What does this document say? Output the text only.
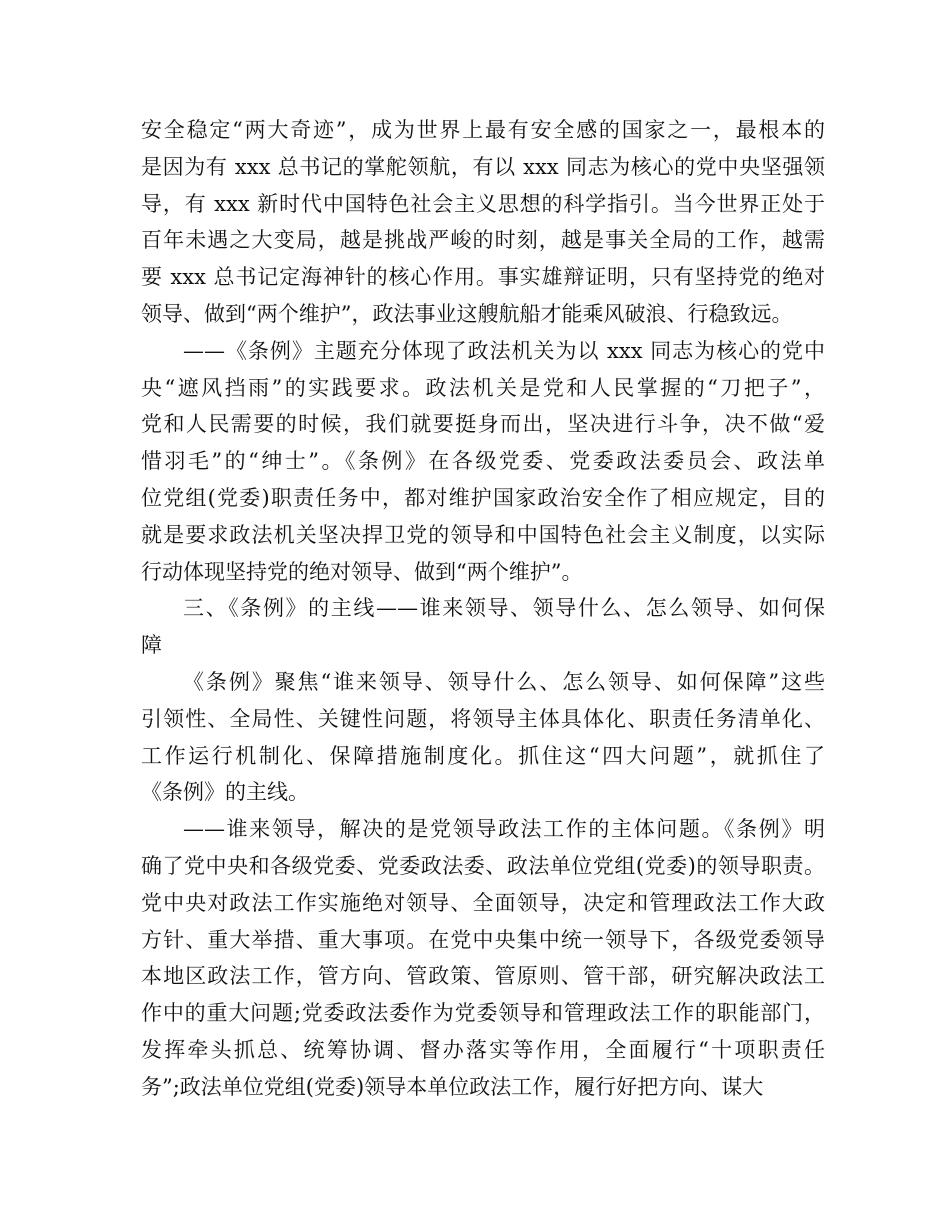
安全稳定“两大奇迹”，成为世界上最有安全感的国家之一，最根本的
是因为有 xxx 总书记的掌舵领航，有以 xxx 同志为核心的党中央坚强领
导，有 xxx 新时代中国特色社会主义思想的科学指引。当今世界正处于
百年未遇之大变局，越是挑战严峻的时刻，越是事关全局的工作，越需
要 xxx 总书记定海神针的核心作用。事实雄辩证明，只有坚持党的绝对
领导、做到“两个维护”，政法事业这艘航船才能乘风破浪、行稳致远。
——《条例》主题充分体现了政法机关为以 xxx 同志为核心的党中
央“遮风挡雨”的实践要求。政法机关是党和人民掌握的“刀把子”，
党和人民需要的时候，我们就要挺身而出，坚决进行斗争，决不做“爱
惜羽毛”的“绅士”。《条例》在各级党委、党委政法委员会、政法单
位党组(党委)职责任务中，都对维护国家政治安全作了相应规定，目的
就是要求政法机关坚决捍卫党的领导和中国特色社会主义制度，以实际
行动体现坚持党的绝对领导、做到“两个维护”。
三、《条例》的主线——谁来领导、领导什么、怎么领导、如何保
障
《条例》聚焦“谁来领导、领导什么、怎么领导、如何保障”这些
引领性、全局性、关键性问题，将领导主体具体化、职责任务清单化、
工作运行机制化、保障措施制度化。抓住这“四大问题”，就抓住了
《条例》的主线。
——谁来领导，解决的是党领导政法工作的主体问题。《条例》明
确了党中央和各级党委、党委政法委、政法单位党组(党委)的领导职责。
党中央对政法工作实施绝对领导、全面领导，决定和管理政法工作大政
方针、重大举措、重大事项。在党中央集中统一领导下，各级党委领导
本地区政法工作，管方向、管政策、管原则、管干部，研究解决政法工
作中的重大问题;党委政法委作为党委领导和管理政法工作的职能部门，
发挥牵头抓总、统筹协调、督办落实等作用，全面履行“十项职责任
务”;政法单位党组(党委)领导本单位政法工作，履行好把方向、谋大
